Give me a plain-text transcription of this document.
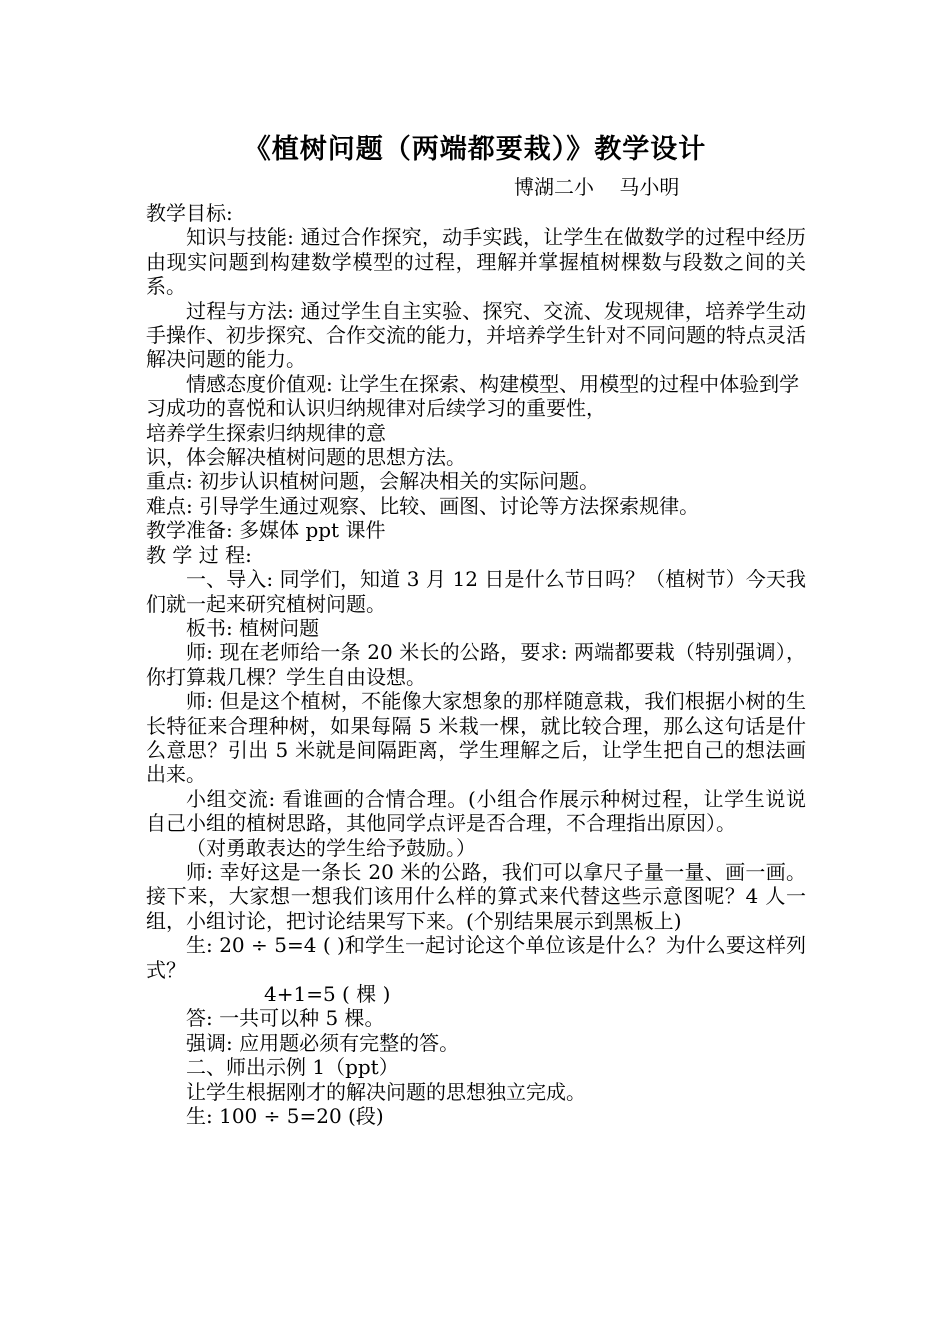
《植树问题（两端都要栽）》教学设计
博湖二小    马小明

教学目标:

知识与技能: 通过合作探究，动手实践，让学生在做数学的过程中经历由现实问题到构建数学模型的过程，理解并掌握植树棵数与段数之间的关系。

过程与方法: 通过学生自主实验、探究、交流、发现规律，培养学生动手操作、初步探究、合作交流的能力，并培养学生针对不同问题的特点灵活解决问题的能力。

情感态度价值观: 让学生在探索、构建模型、用模型的过程中体验到学

习成功的喜悦和认识归纳规律对后续学习的重要性，

培养学生探索归纳规律的意

识，体会解决植树问题的思想方法。

重点: 初步认识植树问题，会解决相关的实际问题。

难点: 引导学生通过观察、比较、画图、讨论等方法探索规律。

教学准备: 多媒体 ppt 课件

教 学 过 程:

一、导入: 同学们，知道 3 月 12 日是什么节日吗？（植树节）今天我们就一起来研究植树问题。

板书: 植树问题

师: 现在老师给一条 20 米长的公路，要求: 两端都要栽（特别强调），你打算栽几棵？学生自由设想。

师: 但是这个植树，不能像大家想象的那样随意栽，我们根据小树的生长特征来合理种树，如果每隔 5 米栽一棵，就比较合理，那么这句话是什么意思？引出 5 米就是间隔距离，学生理解之后，让学生把自己的想法画出来。

小组交流: 看谁画的合情合理。(小组合作展示种树过程，让学生说说自己小组的植树思路，其他同学点评是否合理，不合理指出原因）。

（对勇敢表达的学生给予鼓励。）

师: 幸好这是一条长 20 米的公路，我们可以拿尺子量一量、画一画。接下来，大家想一想我们该用什么样的算式来代替这些示意图呢？4 人一组，小组讨论，把讨论结果写下来。(个别结果展示到黑板上)

生: 20 ÷ 5=4 ( )和学生一起讨论这个单位该是什么？为什么要这样列式？

4+1=5 ( 棵 )

答: 一共可以种 5 棵。

强调: 应用题必须有完整的答。

二、师出示例 1（ppt）

让学生根据刚才的解决问题的思想独立完成。

生: 100 ÷ 5=20 (段)
